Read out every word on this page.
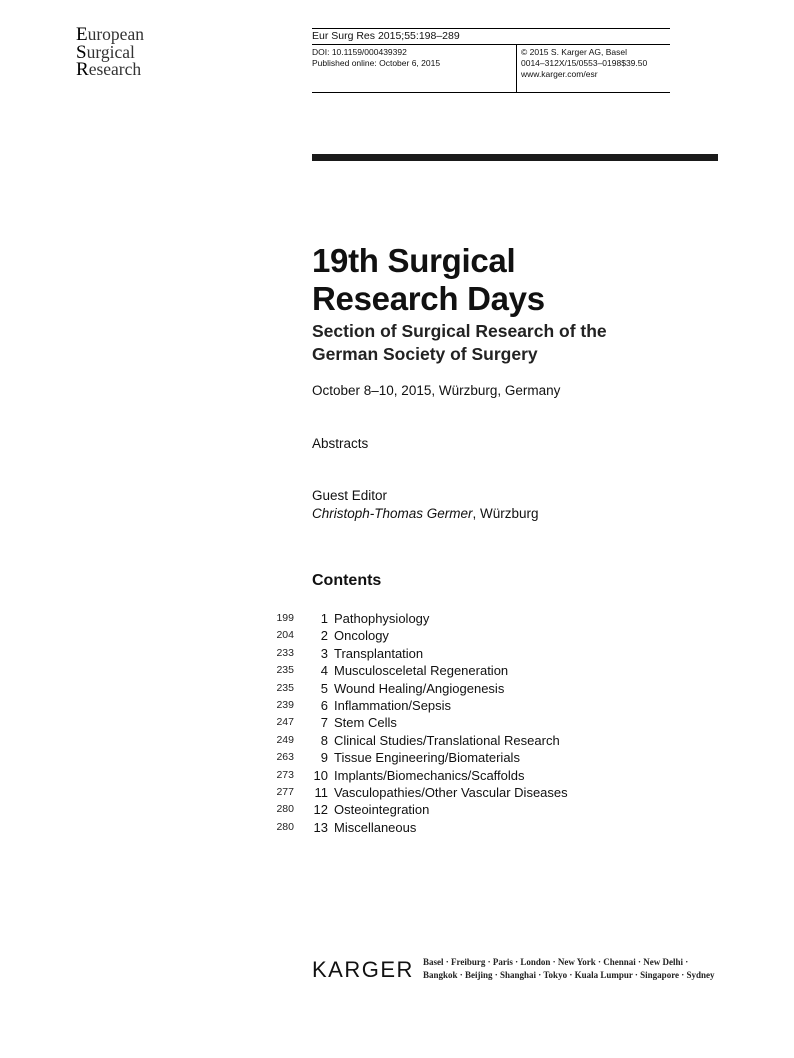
European
Surgical
Research
Eur Surg Res 2015;55:198–289
DOI: 10.1159/000439392
Published online: October 6, 2015
© 2015 S. Karger AG, Basel
0014–312X/15/0553–0198$39.50
www.karger.com/esr
19th Surgical
Research Days
Section of Surgical Research of the
German Society of Surgery
October 8–10, 2015, Würzburg, Germany
Abstracts
Guest Editor
Christoph-Thomas Germer, Würzburg
Contents
199	1 Pathophysiology
204	2 Oncology
233	3 Transplantation
235	4 Musculosceletal Regeneration
235	5 Wound Healing/Angiogenesis
239	6 Inflammation/Sepsis
247	7 Stem Cells
249	8 Clinical Studies/Translational Research
263	9 Tissue Engineering/Biomaterials
273	10 Implants/Biomechanics/Scaffolds
277	11 Vasculopathies/Other Vascular Diseases
280	12 Osteointegration
280	13 Miscellaneous
KARGER Basel · Freiburg · Paris · London · New York · Chennai · New Delhi ·
Bangkok · Beijing · Shanghai · Tokyo · Kuala Lumpur · Singapore · Sydney
